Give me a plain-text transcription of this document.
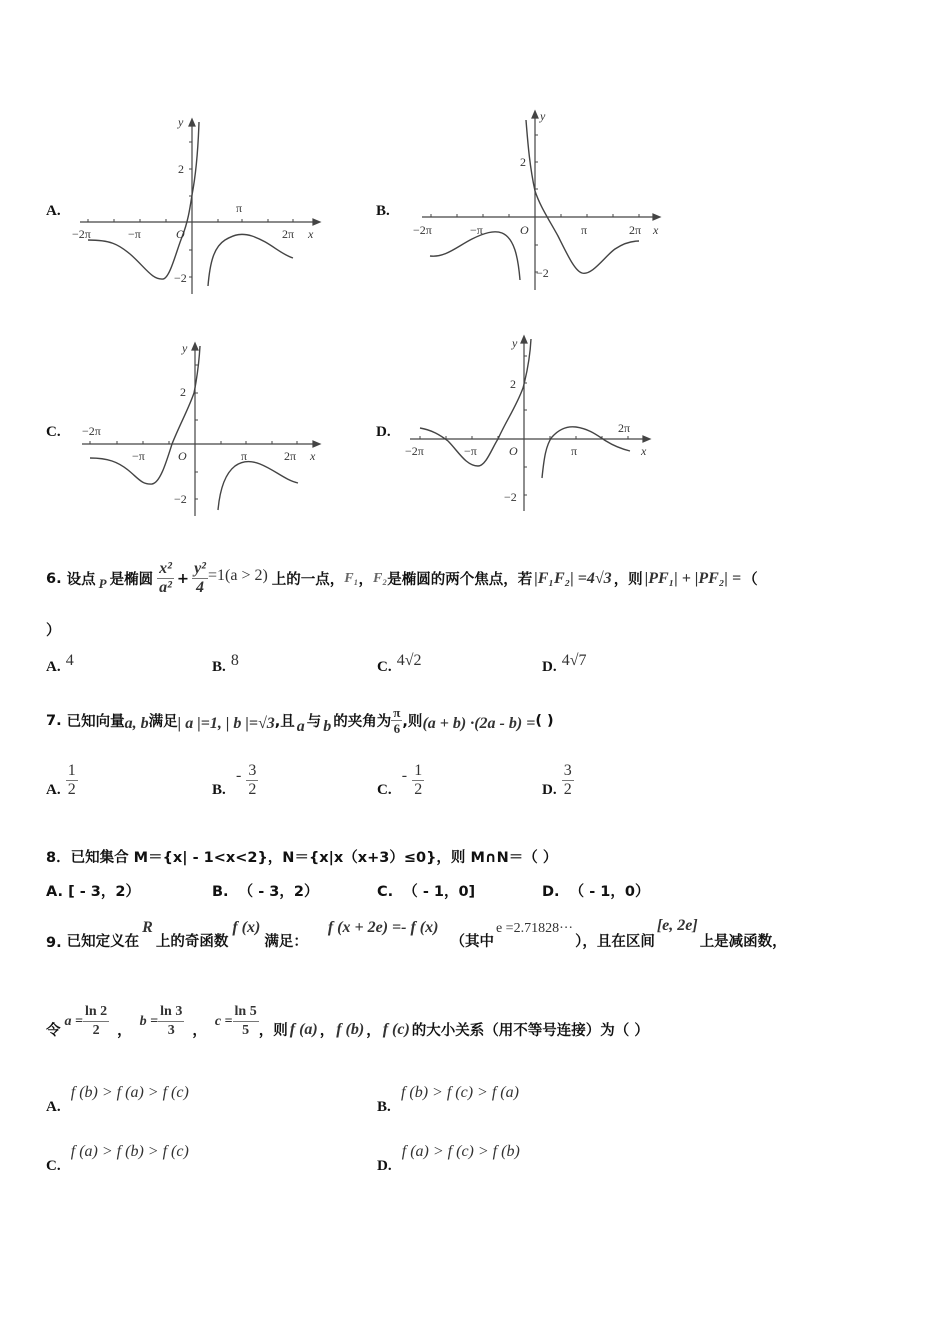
A.
y
2
−2
−2π	−π	O
π
2π x
B.
y
2
−2
−2π	−π	O	π	2π x
C.
y
2
−2
−2π
−π	O	π	2π x
D.
y
2
−2
−2π	−π	O	π
2π
x
6.
设点 P 是椭圆 $\frac{\text{x²}}{\text{a²}} + \frac{\text{y²}}{4} =1(a > 2)$ 上的一点， F₁ ， F₂ 是椭圆的两个焦点，若 |F₁F₂| =4√3 ，则 |PF₁| + |PF₂| = （
）
A. 4	B. 8	C. 4√2	D. 4√7
7.
已知向量 a, b 满足 | a |=1, | b |=√3 ,且 a 与 b 的夹角为 $\frac{\pi}{6}$ ,则 (a + b) ·(2a - b) = ( )
A.
$\frac{1}{2}$	B.

-
$\frac{3}{2}$	C.

-
$\frac{1}{2}$	D.
$\frac{3}{2}$
8．已知集合 M＝{x| ‑ 1<x<2}，N＝{x|x（x+3）≤0}，则 M∩N＝（ ）
A. [ ‑ 3，2）	B. （ ‑ 3，2）	C. （ ‑ 1，0]	D. （ ‑ 1，0）
9.
已知定义在
R
上的奇函数
f (x)
满足：
f (x + 2e) =- f (x)
（其中
e =2.71828···
），且在区间
[e, 2e]
上是减函数，
令
$a = \frac{\ln 2}{2}$ ，
$b = \frac{\ln 3}{3}$ ，
$c = \frac{\ln 5}{5}$ ，则 f (a) ， f (b) ， f (c) 的大小关系（用不等号连接）为（ ）
A.  f (b) > f (a) > f (c)
B.  f (b) > f (c) > f (a)
C.  f (a) > f (b) > f (c)
D.  f (a) > f (c) > f (b)
